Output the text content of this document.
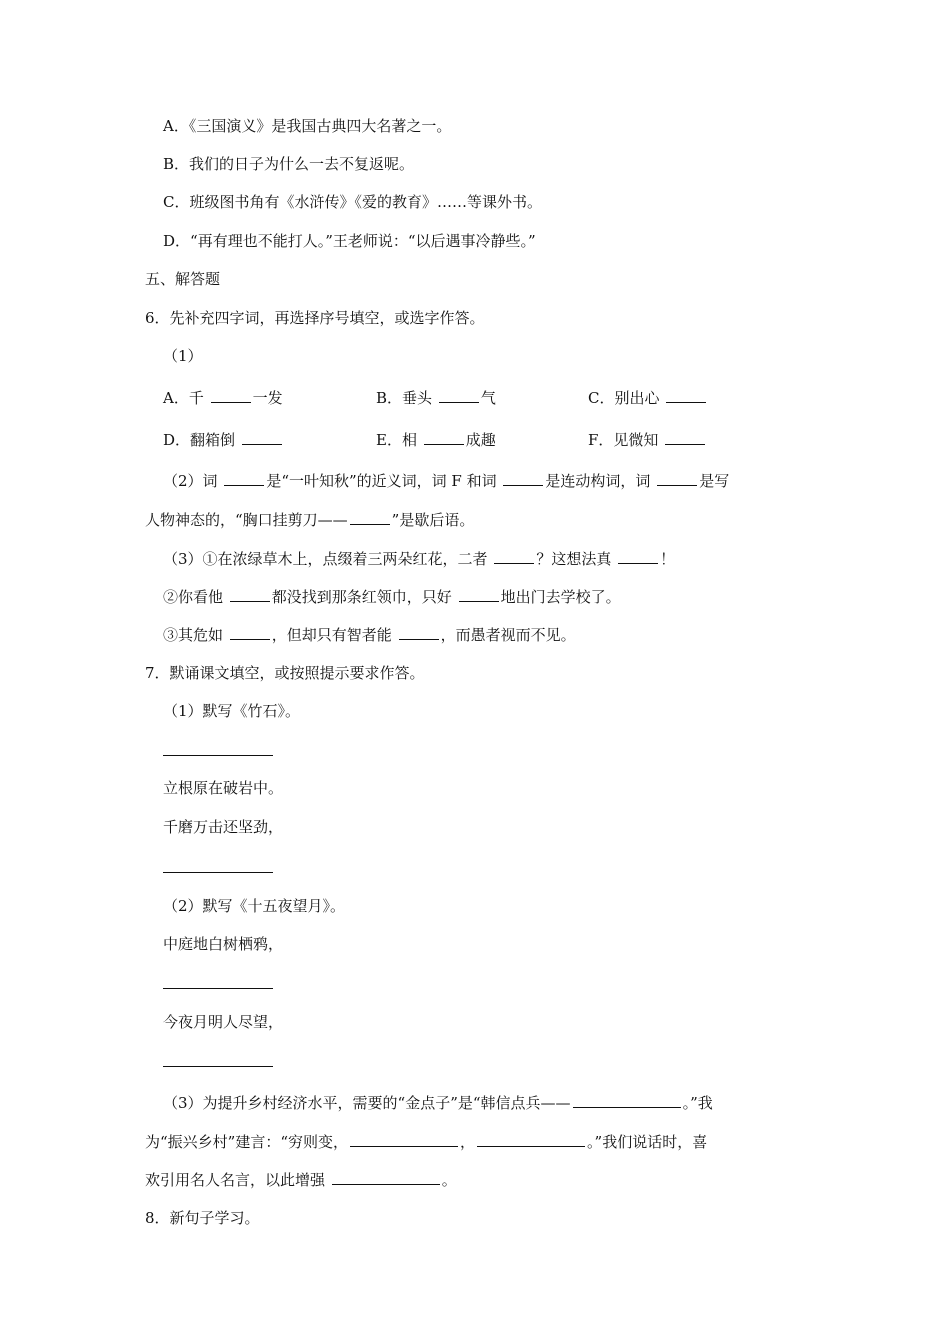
A．《三国演义》是我国古典四大名著之一。
B．我们的日子为什么一去不复返呢。
C．班级图书角有《水浒传》《爱的教育》……等课外书。
D．“再有理也不能打人。”王老师说：“以后遇事冷静些。”
五、解答题
6．先补充四字词，再选择序号填空，或选字作答。
（1）
A．千	一发	B．垂头	气	C．别出心
D．翻箱倒	E．相	成趣	F．见微知
（2）词	是“一叶知秋”的近义词，词 F 和词	是连动构词，词	是写
人物神态的，“胸口挂剪刀——	”是歇后语。
（3）①在浓绿草木上，点缀着三两朵红花，二者	？这想法真	！
②你看他	都没找到那条红领巾，只好	地出门去学校了。
③其危如	，但却只有智者能	，而愚者视而不见。
7．默诵课文填空，或按照提示要求作答。
（1）默写《竹石》。
立根原在破岩中。
千磨万击还坚劲，
（2）默写《十五夜望月》。
中庭地白树栖鸦，
今夜月明人尽望，
（3）为提升乡村经济水平，需要的“金点子”是“韩信点兵——	。”我
为“振兴乡村”建言：“穷则变，	，	。”我们说话时，喜
欢引用名人名言，以此增强	。
8．新句子学习。
